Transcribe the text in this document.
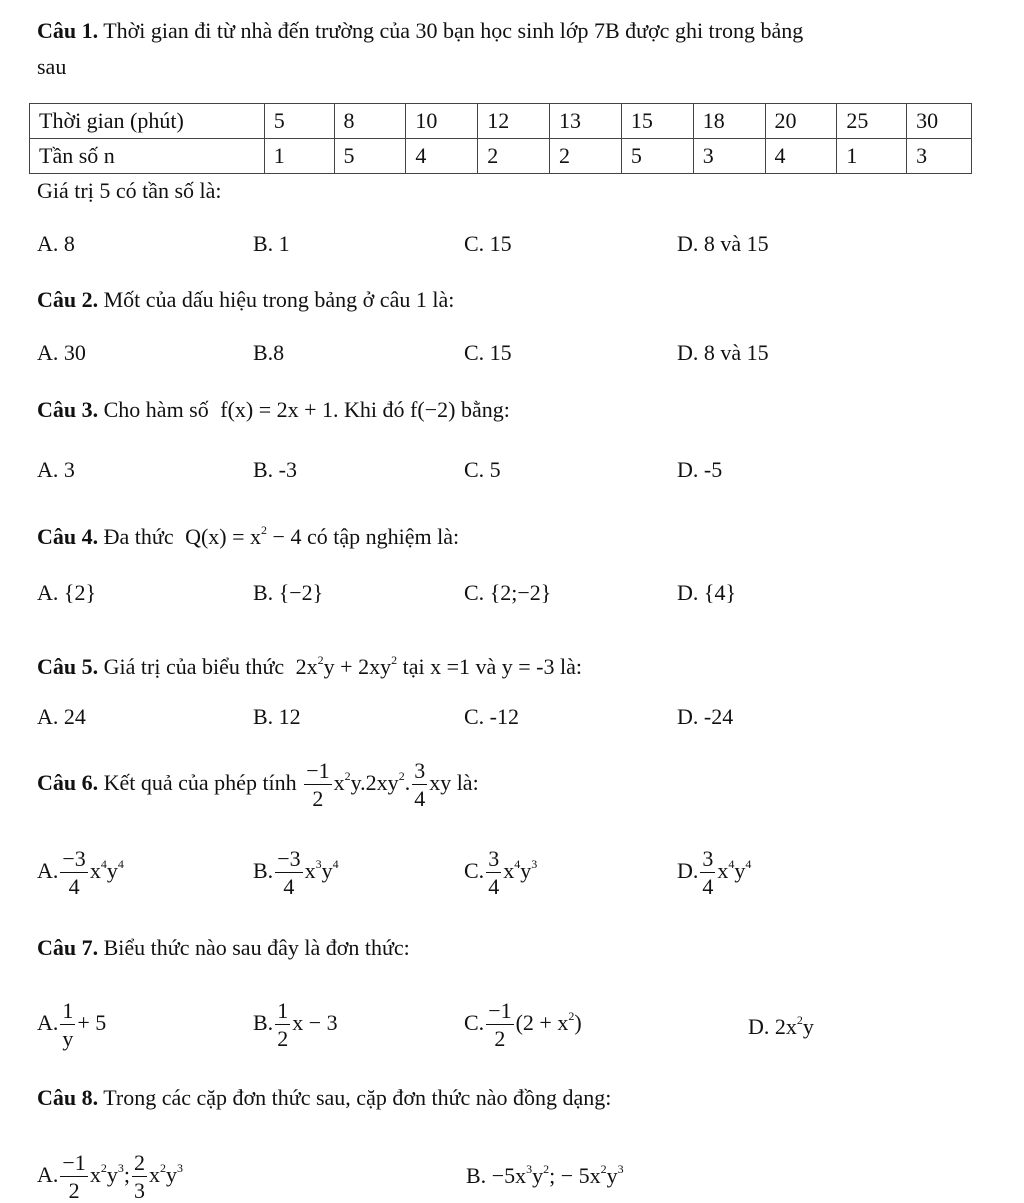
Câu 1. Thời gian đi từ nhà đến trường của 30 bạn học sinh lớp 7B được ghi trong bảng
sau
Thời gian (phút)	5	8	10	12	13	15	18	20	25	30
Tần số n	1	5	4	2	2	5	3	4	1	3
Giá trị 5 có tần số là:
A. 8	B. 1	C. 15	D. 8 và 15
Câu 2. Mốt của dấu hiệu trong bảng ở câu 1 là:
A. 30	B.8	C. 15	D. 8 và 15
Câu 3. Cho hàm số f(x) = 2x + 1. Khi đó f(−2) bằng:
A. 3	B. -3	C. 5	D. -5
Câu 4. Đa thức $Q(x) = x^2 - 4$ có tập nghiệm là:
A. {2}	B. {−2}	C. {2;−2}	D. {4}
Câu 5. Giá trị của biểu thức $2x^2y + 2xy^2$ tại x =1 và y = -3 là:
A. 24	B. 12	C. -12	D. -24
Câu 6. Kết quả của phép tính $\frac{-1}{2} x^2y.2xy^2$. $\frac{3}{4}$ xy là:
A. $\frac{-3}{4} x^4y^4$	B. $\frac{-3}{4} x^3y^4$	C. $\frac{3}{4} x^4y^3$	D. $\frac{3}{4} x^4y^4$
Câu 7. Biểu thức nào sau đây là đơn thức:
A. $\frac{1}{y} + 5$	B. $\frac{1}{2}$ x − 3	C. $\frac{-1}{2} (2 + x^2)$	D. $2x^2y$
Câu 8. Trong các cặp đơn thức sau, cặp đơn thức nào đồng dạng:
A. $\frac{-1}{2} x^2y^3$; $\frac{2}{3} x^2y^3$	B. $-5x^3y^2$; − $5x^2y^3$
